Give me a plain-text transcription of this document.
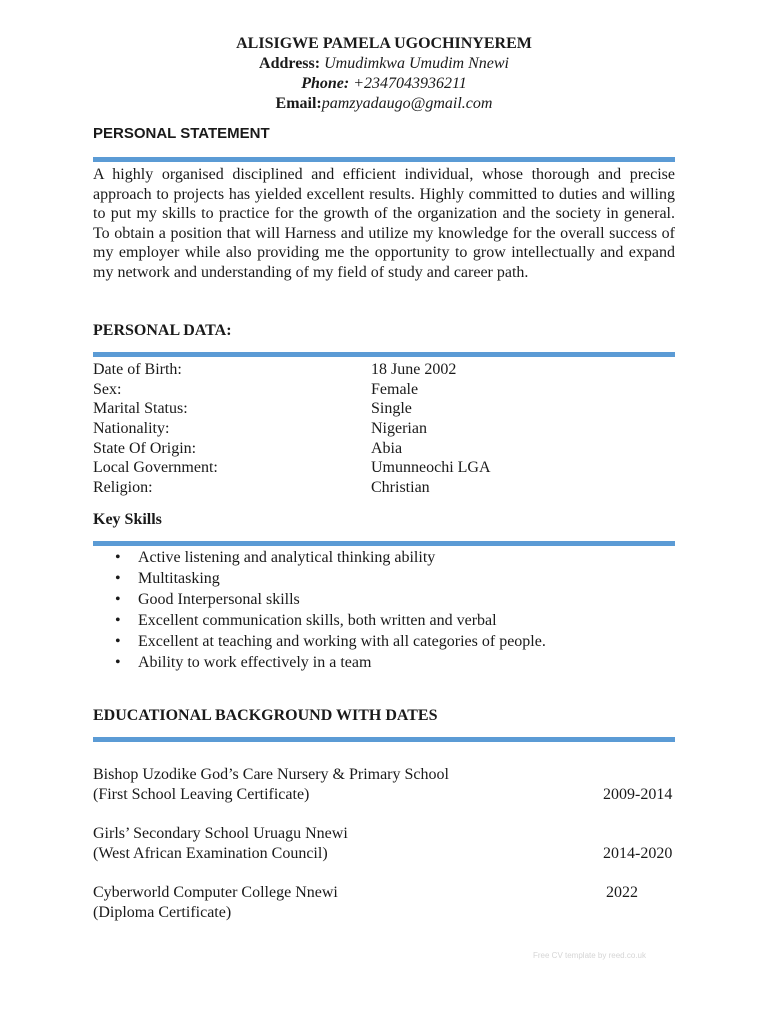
ALISIGWE PAMELA UGOCHINYEREM
Address: Umudimkwa Umudim Nnewi
Phone: +2347043936211
Email:pamzyadaugo@gmail.com
PERSONAL STATEMENT
A highly organised disciplined and efficient individual, whose thorough and precise approach to projects has yielded excellent results. Highly committed to duties and willing to put my skills to practice for the growth of the organization and the society in general. To obtain a position that will Harness and utilize my knowledge for the overall success of my employer while also providing me the opportunity to grow intellectually and expand my network and understanding of my field of study and career path.
PERSONAL DATA:
Date of Birth:	18 June 2002
Sex:	Female
Marital Status:	Single
Nationality:	Nigerian
State Of Origin:	Abia
Local Government:	Umunneochi LGA
Religion:	Christian
Key Skills
• Active listening and analytical thinking ability
• Multitasking
• Good Interpersonal skills
• Excellent communication skills, both written and verbal
• Excellent at teaching and working with all categories of people.
• Ability to work effectively in a team
EDUCATIONAL BACKGROUND WITH DATES
Bishop Uzodike God’s Care Nursery & Primary School
(First School Leaving Certificate)	2009-2014
Girls’ Secondary School Uruagu Nnewi
(West African Examination Council)	2014-2020
Cyberworld Computer College Nnewi
(Diploma Certificate)
2022
Free CV template by reed.co.uk
